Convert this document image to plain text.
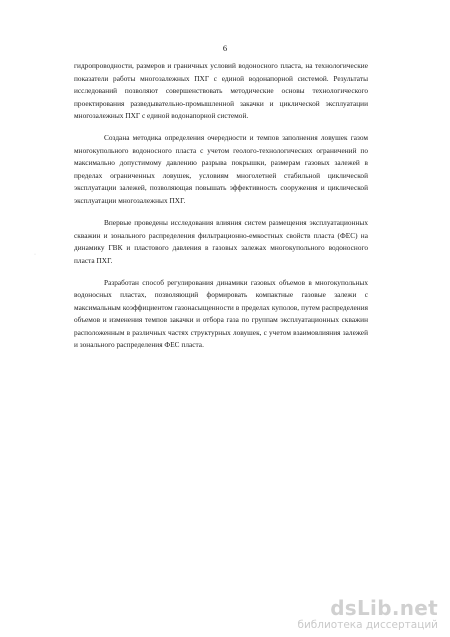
6

гидропроводности, размеров и граничных условий водоносного пласта, на технологические показатели работы многозалежных ПХГ с единой водонапорной системой. Результаты исследований позволяют совершенствовать методические основы технологического проектирования разведывательно-промышленной закачки и циклической эксплуатации многозалежных ПХГ с единой водонапорной системой.

Создана методика определения очередности и темпов заполнения ловушек газом многокупольного водоносного пласта с учетом геолого-технологических ограничений по максимально допустимому давлению разрыва покрышки, размерам газовых залежей в пределах ограниченных ловушек, условиям многолетней стабильной циклической эксплуатации залежей, позволяющая повышать эффективность сооружения и циклической эксплуатации многозалежных ПХГ.

Впервые проведены исследования влияния систем размещения эксплуатационных скважин и зонального распределения фильтрационно-емкостных свойств пласта (ФЕС) на динамику ГВК и пластового давления в газовых залежах многокупольного водоносного пласта ПХГ.

Разработан способ регулирования динамики газовых объемов в многокупольных водоносных пластах, позволяющий формировать компактные газовые залежи с максимальным коэффициентом газонасыщенности в пределах куполов, путем распределения объемов и изменения темпов закачки и отбора газа по группам эксплуатационных скважин расположенным в различных частях структурных ловушек, с учетом взаимовлияния залежей и зонального распределения ФЕС пласта.

·
dsLib.net
библиотека диссертаций
